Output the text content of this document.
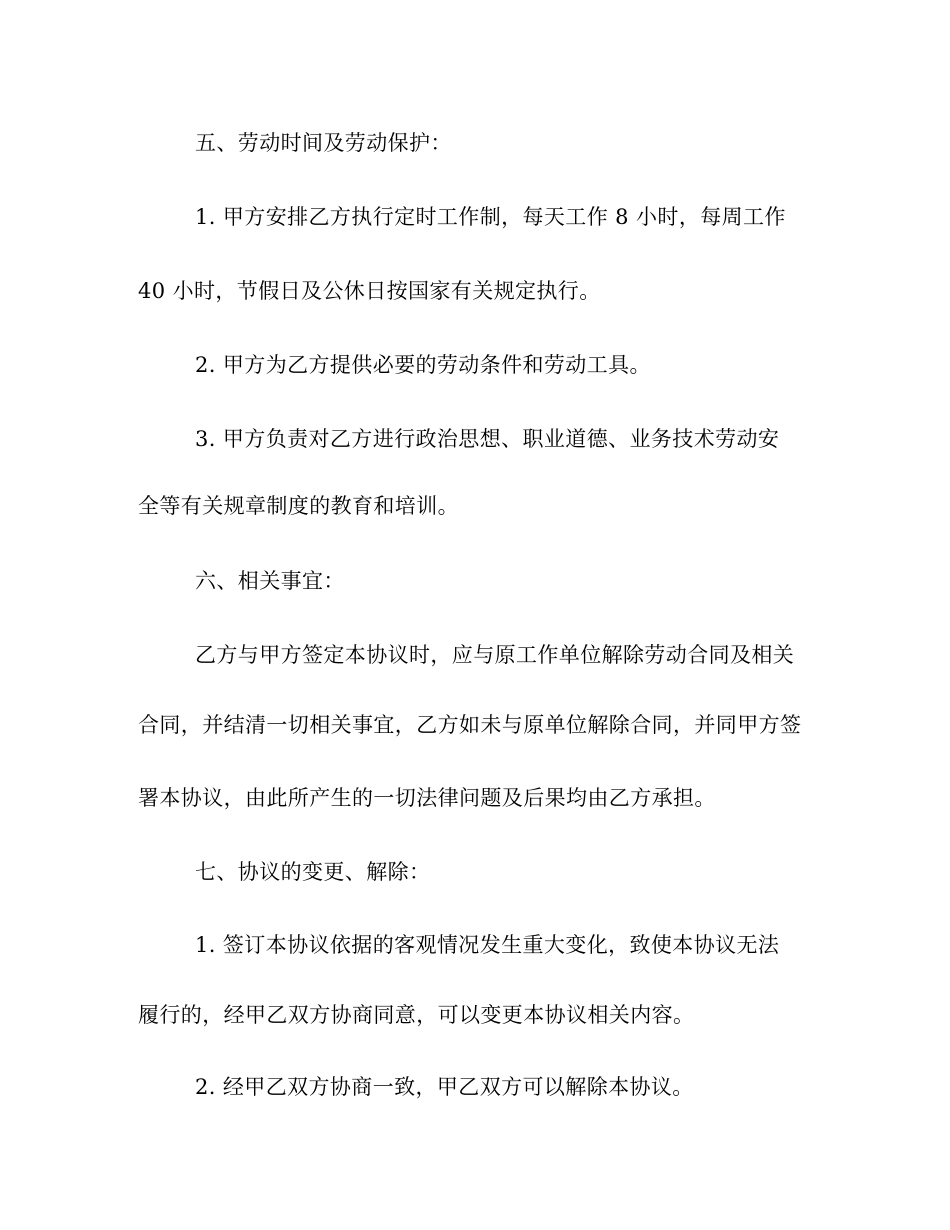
五、劳动时间及劳动保护：
1. 甲方安排乙方执行定时工作制，每天工作 8 小时，每周工作
40 小时，节假日及公休日按国家有关规定执行。
2. 甲方为乙方提供必要的劳动条件和劳动工具。
3. 甲方负责对乙方进行政治思想、职业道德、业务技术劳动安
全等有关规章制度的教育和培训。
六、相关事宜：
乙方与甲方签定本协议时，应与原工作单位解除劳动合同及相关
合同，并结清一切相关事宜，乙方如未与原单位解除合同，并同甲方签
署本协议，由此所产生的一切法律问题及后果均由乙方承担。
七、协议的变更、解除：
1. 签订本协议依据的客观情况发生重大变化，致使本协议无法
履行的，经甲乙双方协商同意，可以变更本协议相关内容。
2. 经甲乙双方协商一致，甲乙双方可以解除本协议。
